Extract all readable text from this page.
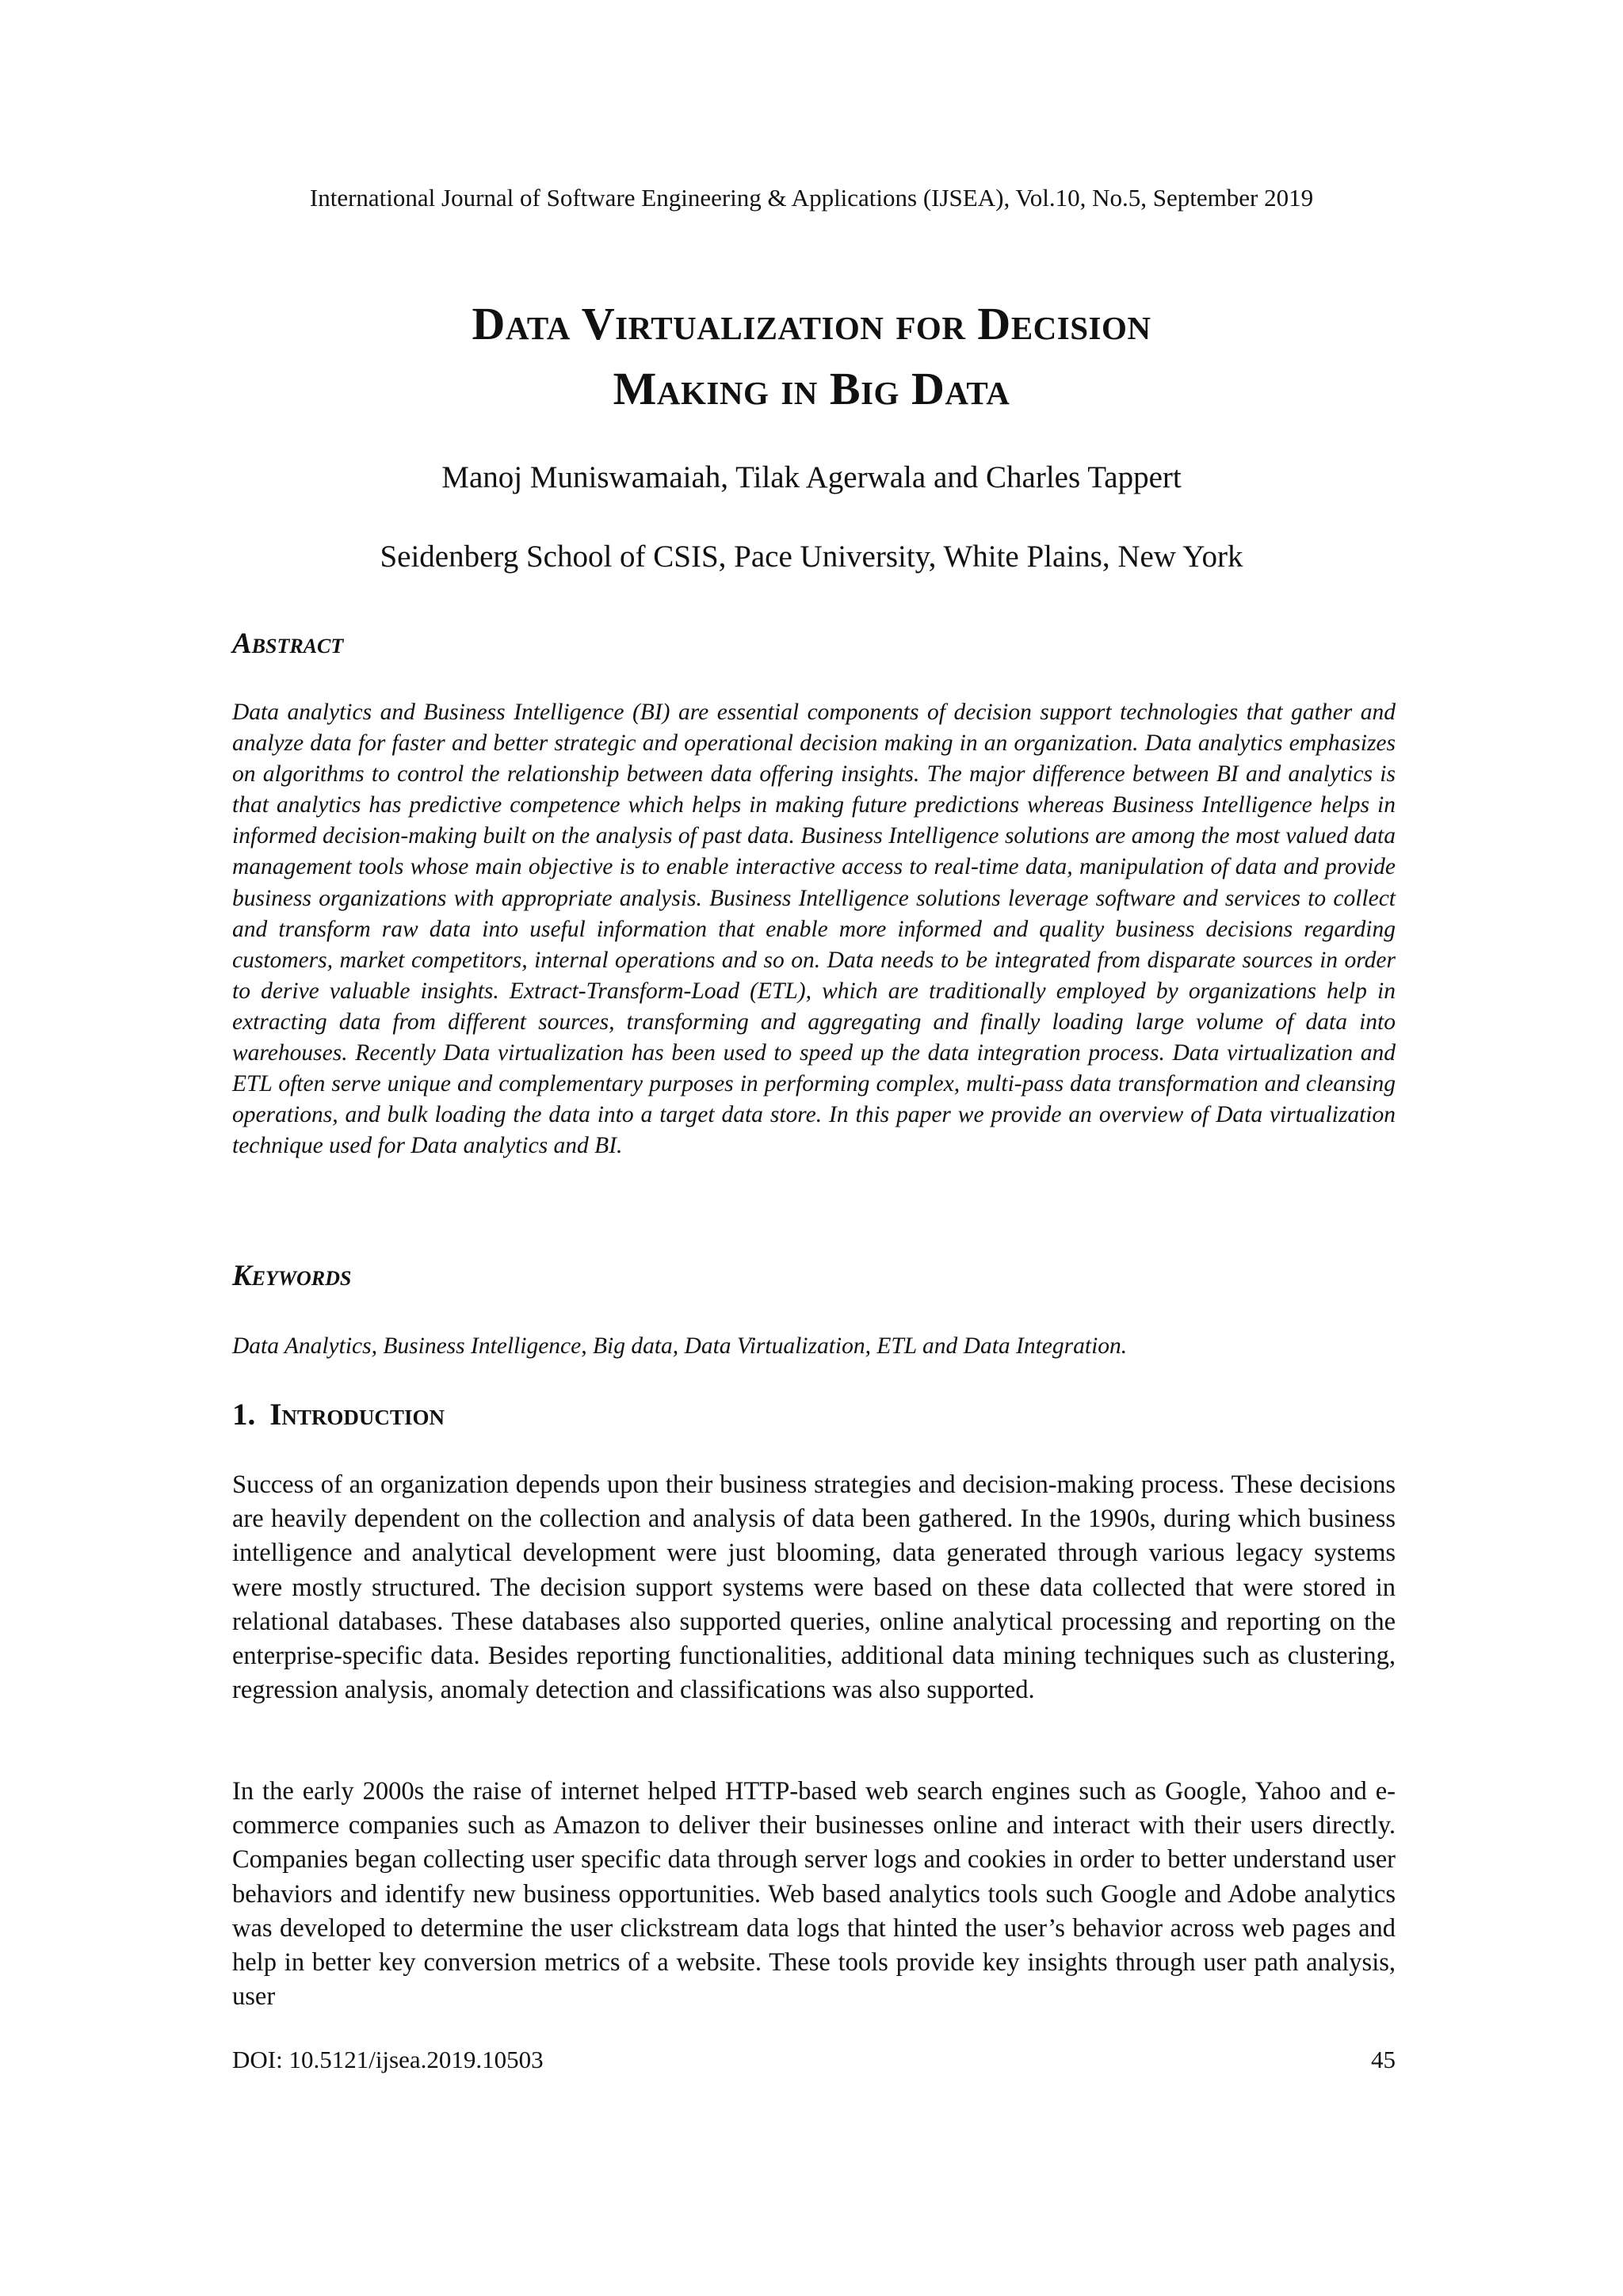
International Journal of Software Engineering & Applications (IJSEA), Vol.10, No.5, September 2019
Data Virtualization for Decision
Making in Big Data
Manoj Muniswamaiah, Tilak Agerwala and Charles Tappert
Seidenberg School of CSIS, Pace University, White Plains, New York
Abstract
Data analytics and Business Intelligence (BI) are essential components of decision support technologies that gather and analyze data for faster and better strategic and operational decision making in an organization. Data analytics emphasizes on algorithms to control the relationship between data offering insights. The major difference between BI and analytics is that analytics has predictive competence which helps in making future predictions whereas Business Intelligence helps in informed decision-making built on the analysis of past data. Business Intelligence solutions are among the most valued data management tools whose main objective is to enable interactive access to real-time data, manipulation of data and provide business organizations with appropriate analysis. Business Intelligence solutions leverage software and services to collect and transform raw data into useful information that enable more informed and quality business decisions regarding customers, market competitors, internal operations and so on. Data needs to be integrated from disparate sources in order to derive valuable insights. Extract-Transform-Load (ETL), which are traditionally employed by organizations help in extracting data from different sources, transforming and aggregating and finally loading large volume of data into warehouses. Recently Data virtualization has been used to speed up the data integration process. Data virtualization and ETL often serve unique and complementary purposes in performing complex, multi-pass data transformation and cleansing operations, and bulk loading the data into a target data store. In this paper we provide an overview of Data virtualization technique used for Data analytics and BI.
Keywords
Data Analytics, Business Intelligence, Big data, Data Virtualization, ETL and Data Integration.
1. Introduction

Success of an organization depends upon their business strategies and decision-making process. These decisions are heavily dependent on the collection and analysis of data been gathered. In the 1990s, during which business intelligence and analytical development were just blooming, data generated through various legacy systems were mostly structured. The decision support systems were based on these data collected that were stored in relational databases. These databases also supported queries, online analytical processing and reporting on the enterprise-specific data. Besides reporting functionalities, additional data mining techniques such as clustering, regression analysis, anomaly detection and classifications was also supported.

In the early 2000s the raise of internet helped HTTP-based web search engines such as Google, Yahoo and e-commerce companies such as Amazon to deliver their businesses online and interact with their users directly. Companies began collecting user specific data through server logs and cookies in order to better understand user behaviors and identify new business opportunities. Web based analytics tools such Google and Adobe analytics was developed to determine the user clickstream data logs that hinted the user’s behavior across web pages and help in better key conversion metrics of a website. These tools provide key insights through user path analysis, user

DOI: 10.5121/ijsea.2019.10503	45
